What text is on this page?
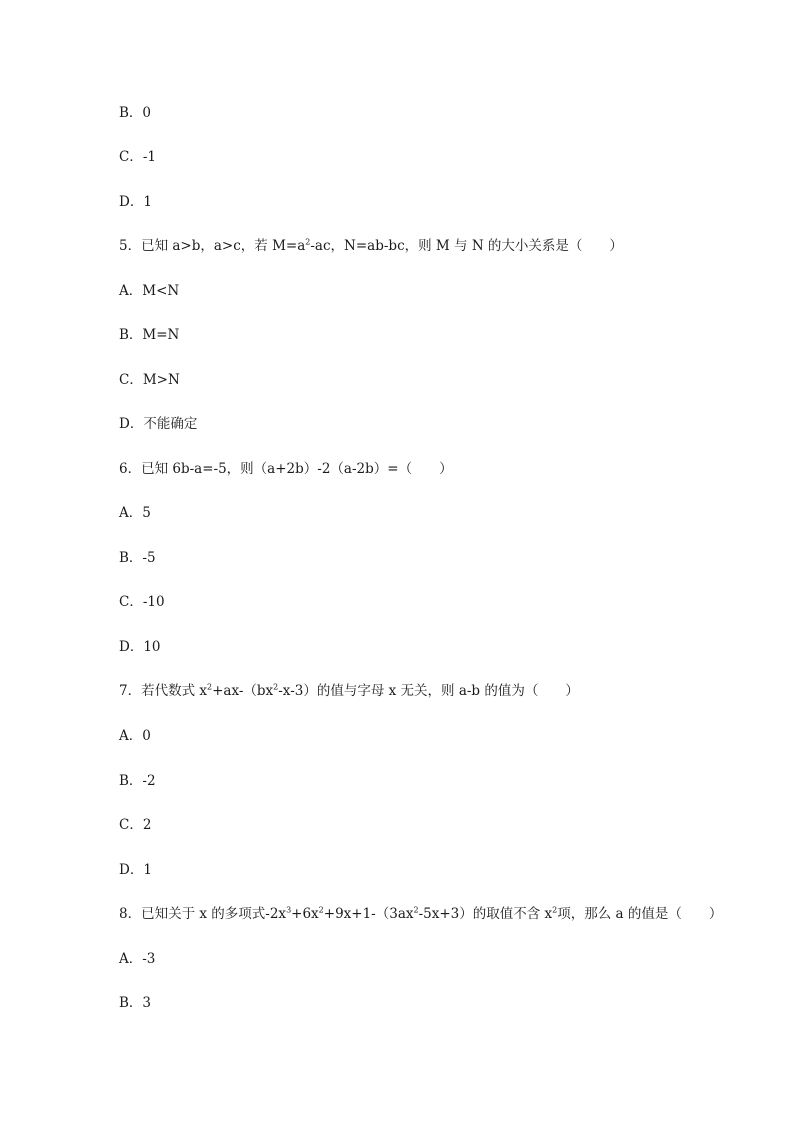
B．0
C．-1
D．1
5．已知 a>b，a>c，若 $M=a^2-ac$，N=ab-bc，则 M 与 N 的大小关系是（　　）
A．M<N
B．M=N
C．M>N
D．不能确定
6．已知 6b-a=-5，则（a+2b）-2（a-2b）=（　　）
A．5
B．-5
C．-10
D．10
7．若代数式 $x^2+ax-(bx^2-x-3)$的值与字母 x 无关，则 a-b 的值为（　　）
A．0
B．-2
C．2
D．1
8．已知关于 x 的多项式$-2x^3+6x^2+9x+1-(3ax^2-5x+3)$的取值不含 $x^2$项，那么 a 的值是（　　）
A．-3
B．3
